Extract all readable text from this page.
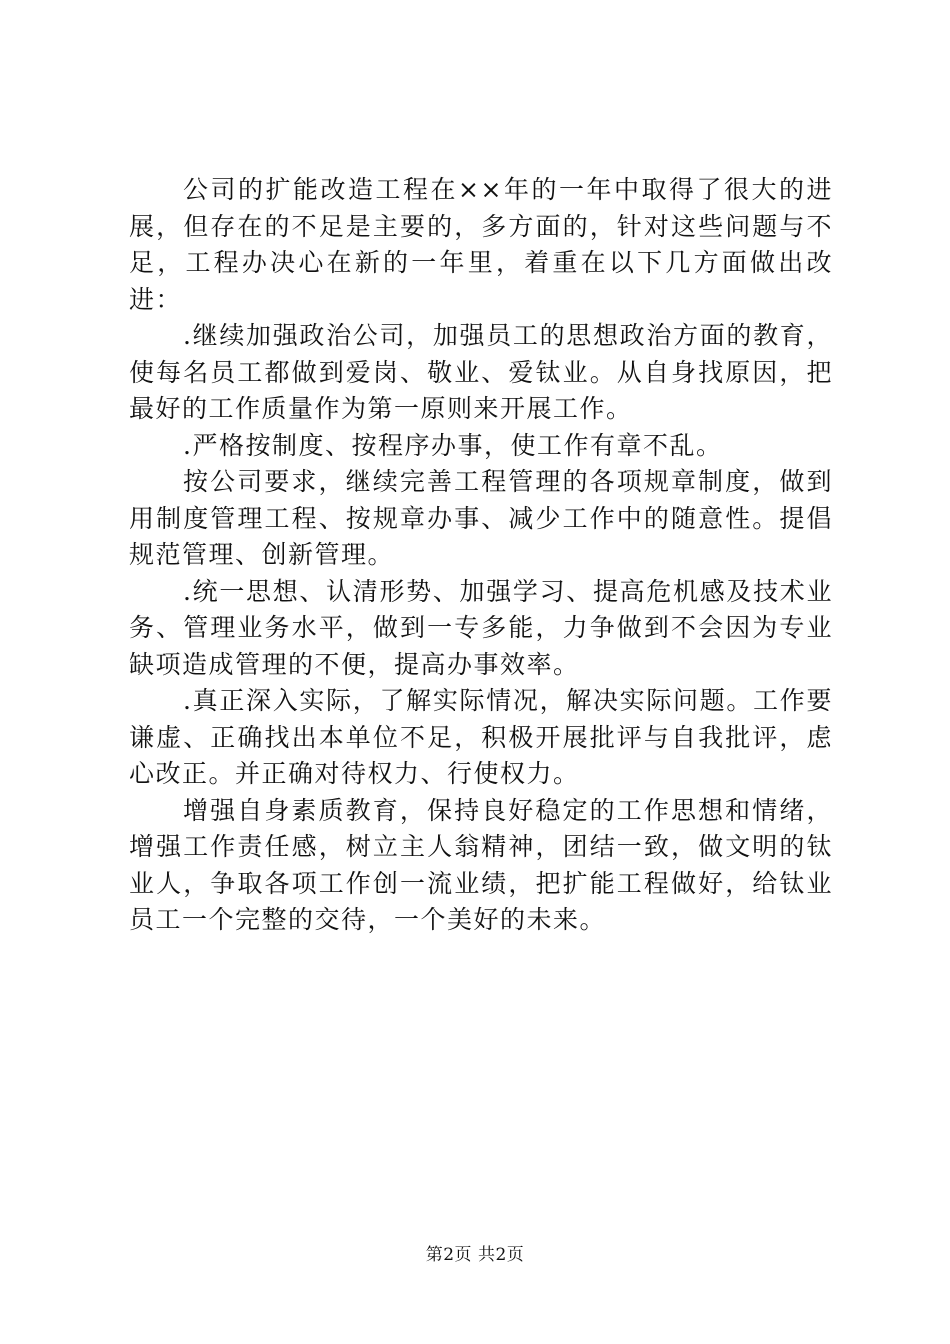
公司的扩能改造工程在××年的一年中取得了很大的进展，但存在的不足是主要的，多方面的，针对这些问题与不足，工程办决心在新的一年里，着重在以下几方面做出改进：

.继续加强政治公司，加强员工的思想政治方面的教育，使每名员工都做到爱岗、敬业、爱钛业。从自身找原因，把最好的工作质量作为第一原则来开展工作。

.严格按制度、按程序办事，使工作有章不乱。

按公司要求，继续完善工程管理的各项规章制度，做到用制度管理工程、按规章办事、减少工作中的随意性。提倡规范管理、创新管理。

.统一思想、认清形势、加强学习、提高危机感及技术业务、管理业务水平，做到一专多能，力争做到不会因为专业缺项造成管理的不便，提高办事效率。

.真正深入实际，了解实际情况，解决实际问题。工作要谦虚、正确找出本单位不足，积极开展批评与自我批评，虑心改正。并正确对待权力、行使权力。

增强自身素质教育，保持良好稳定的工作思想和情绪，增强工作责任感，树立主人翁精神，团结一致，做文明的钛业人，争取各项工作创一流业绩，把扩能工程做好，给钛业员工一个完整的交待，一个美好的未来。

第2页 共2页
